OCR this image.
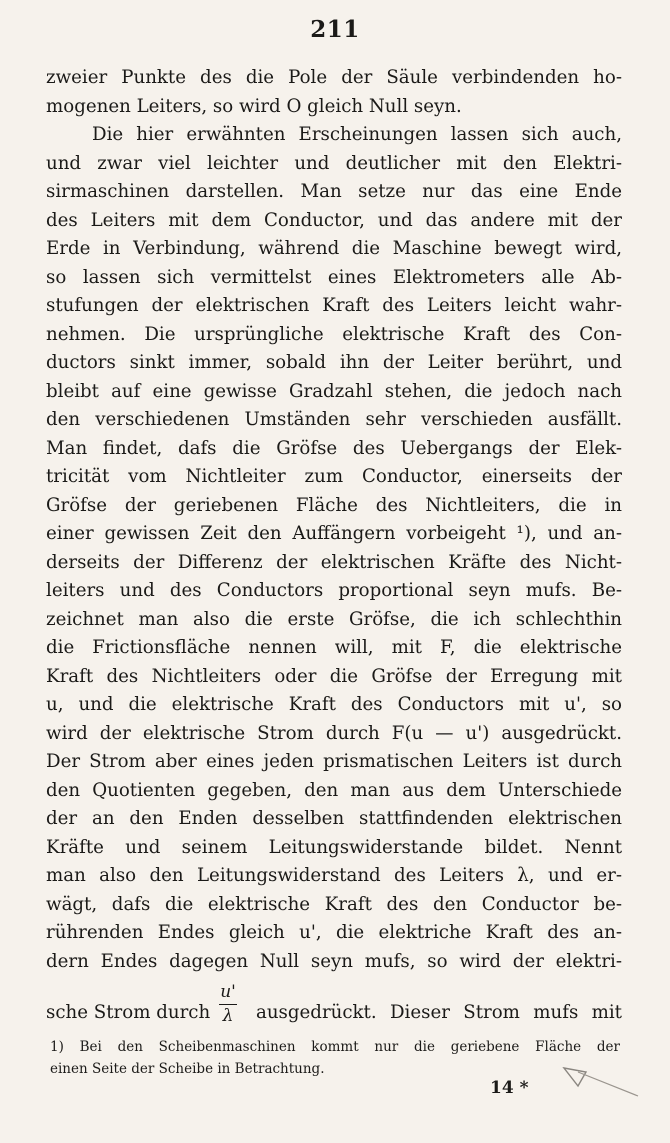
211
zweier Punkte des die Pole der Säule verbindenden ho-
mogenen Leiters, so wird O gleich Null seyn.
Die hier erwähnten Erscheinungen lassen sich auch,
und zwar viel leichter und deutlicher mit den Elektri-
sirmaschinen darstellen. Man setze nur das eine Ende
des Leiters mit dem Conductor, und das andere mit der
Erde in Verbindung, während die Maschine bewegt wird,
so lassen sich vermittelst eines Elektrometers alle Ab-
stufungen der elektrischen Kraft des Leiters leicht wahr-
nehmen. Die ursprüngliche elektrische Kraft des Con-
ductors sinkt immer, sobald ihn der Leiter berührt, und
bleibt auf eine gewisse Gradzahl stehen, die jedoch nach
den verschiedenen Umständen sehr verschieden ausfällt.
Man findet, dafs die Gröfse des Uebergangs der Elek-
tricität vom Nichtleiter zum Conductor, einerseits der
Gröfse der geriebenen Fläche des Nichtleiters, die in
einer gewissen Zeit den Auffängern vorbeigeht ¹), und an-
derseits der Differenz der elektrischen Kräfte des Nicht-
leiters und des Conductors proportional seyn mufs. Be-
zeichnet man also die erste Gröfse, die ich schlechthin
die Frictionsfläche nennen will, mit F, die elektrische
Kraft des Nichtleiters oder die Gröfse der Erregung mit
u, und die elektrische Kraft des Conductors mit u', so
wird der elektrische Strom durch F(u — u') ausgedrückt.
Der Strom aber eines jeden prismatischen Leiters ist durch
den Quotienten gegeben, den man aus dem Unterschiede
der an den Enden desselben stattfindenden elektrischen
Kräfte und seinem Leitungswiderstande bildet. Nennt
man also den Leitungswiderstand des Leiters λ, und er-
wägt, dafs die elektrische Kraft des den Conductor be-
rührenden Endes gleich u', die elektriche Kraft des an-
dern Endes dagegen Null seyn mufs, so wird der elektri-
sche Strom durch
u'
λ ausgedrückt. Dieser Strom mufs mit
1) Bei den Scheibenmaschinen kommt nur die geriebene Fläche der
einen Seite der Scheibe in Betrachtung.
14 *
